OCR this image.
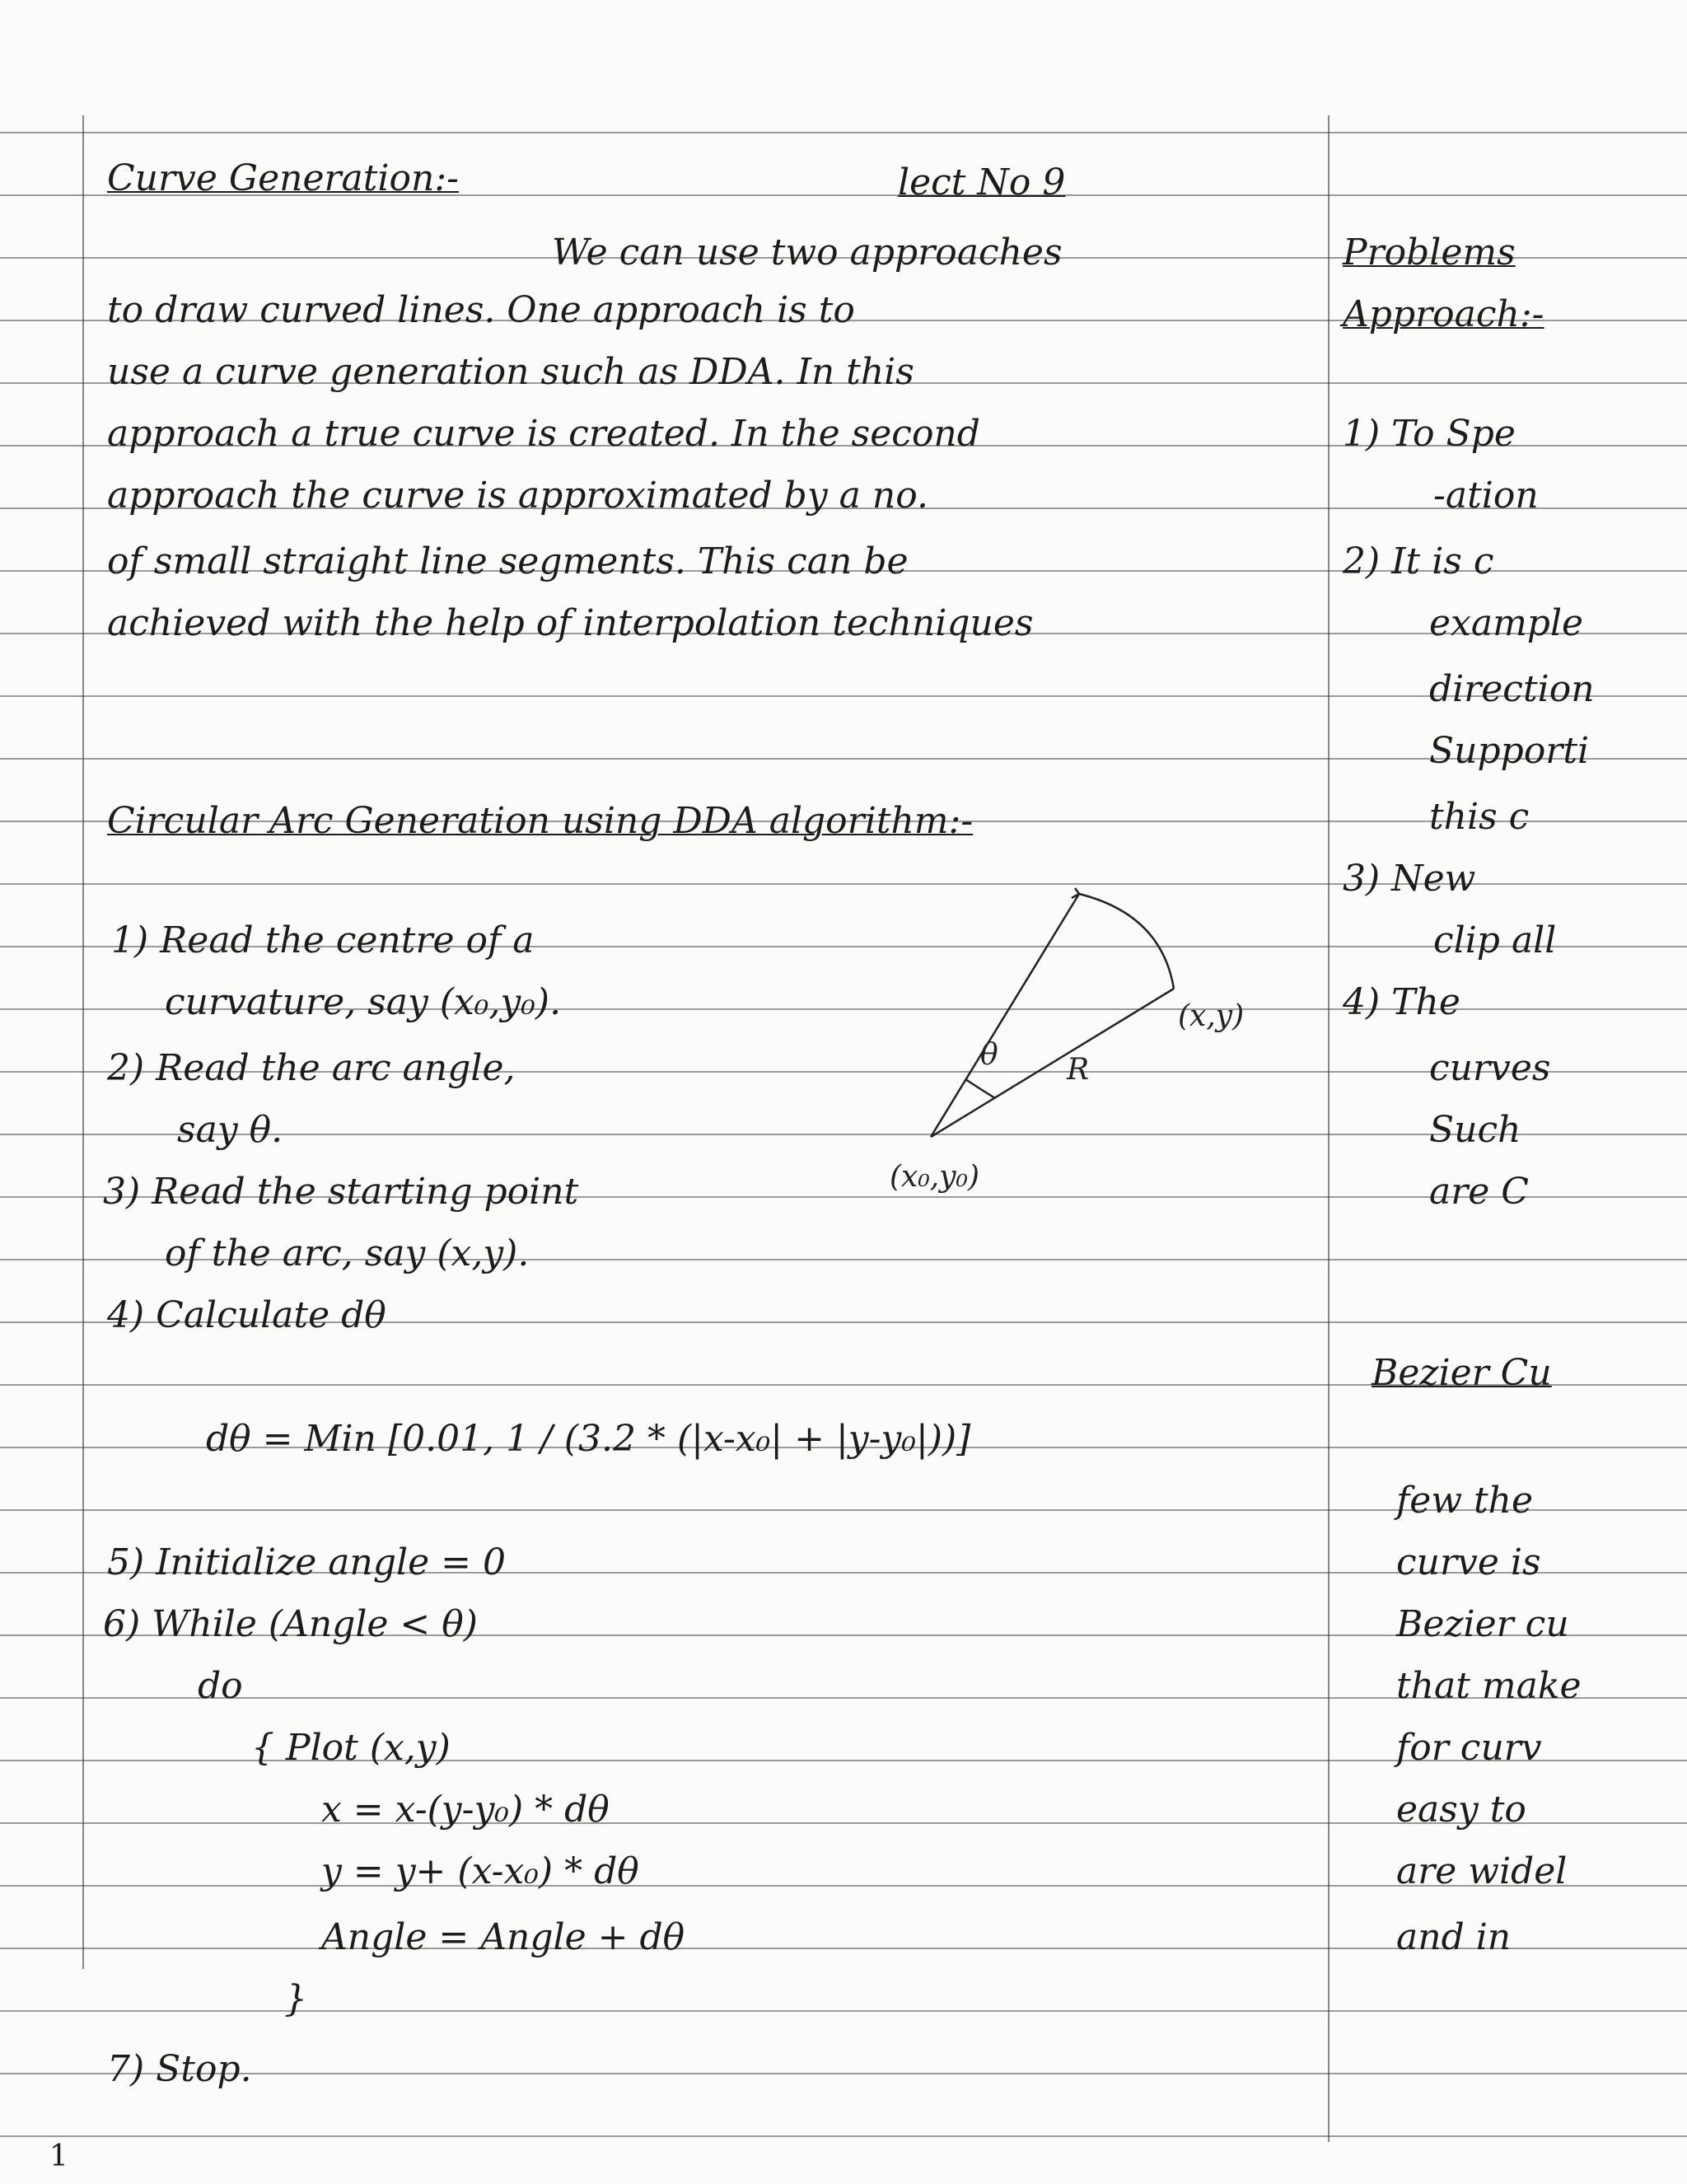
Curve Generation:-	lect No 9
We can use two approaches
to draw curved lines. One approach is to
use a curve generation such as DDA. In this
approach a true curve is created. In the second
approach the curve is approximated by a no.
of small straight line segments. This can be
achieved with the help of interpolation techniques
Circular Arc Generation using DDA algorithm:-
1) Read the centre of a
curvature, say (x₀,y₀).
2) Read the arc angle,
say θ.
3) Read the starting point
of the arc, say (x,y).
4) Calculate dθ
dθ = Min [0.01, 1 / (3.2 * (|x-x₀| + |y-y₀|))]
5) Initialize angle = 0
6) While (Angle < θ)
do
{ Plot (x,y)
x = x-(y-y₀) * dθ
y = y+ (x-x₀) * dθ
Angle = Angle + dθ
}
7) Stop.
(x,y)
θ R
(x₀,y₀)
Problems
Approach:-
1) To Spe
-ation
2) It is c
example
direction
Supporti
this c
3) New
clip all
4) The
curves
Such
are C
Bezier Cu
few the
curve is
Bezier cu
that make
for curv
easy to
are widel
and in
1
